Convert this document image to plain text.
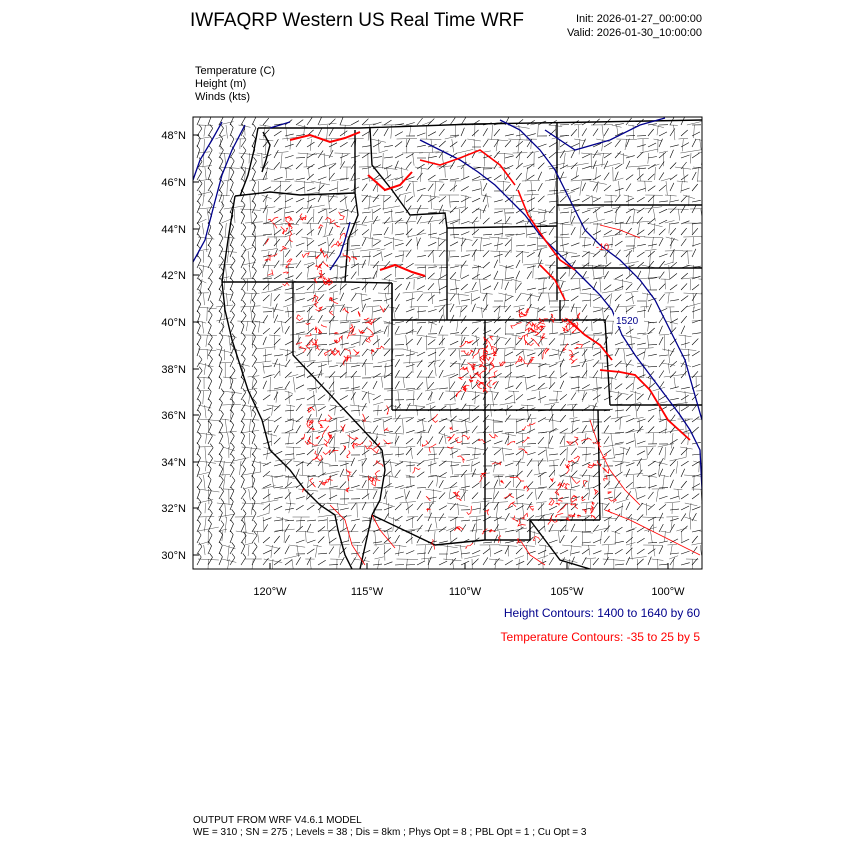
IWFAQRP Western US Real Time WRF	Init: 2026-01-27_00:00:00
Valid: 2026-01-30_10:00:00
Temperature (C)
Height (m)
Winds (kts)
48°N
46°N
44°N
42°N
40°N
38°N
36°N
34°N
32°N
30°N
120°W	115°W	110°W	105°W	100°W
1520
-10
Height Contours: 1400 to 1640 by 60
Temperature Contours: -35 to 25 by 5
OUTPUT FROM WRF V4.6.1 MODEL
WE = 310 ; SN = 275 ; Levels = 38 ; Dis = 8km ; Phys Opt = 8 ; PBL Opt = 1 ; Cu Opt = 3
